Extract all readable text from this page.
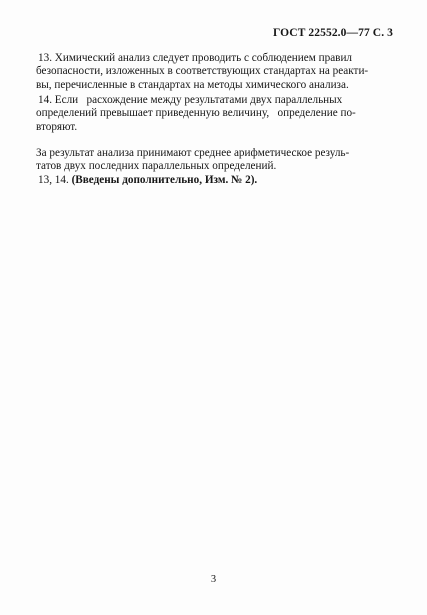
ГОСТ 22552.0—77 С. 3
13. Химический анализ следует проводить с соблюдением правил
безопасности, изложенных в соответствующих стандартах на реакти-
вы, перечисленные в стандартах на методы химического анализа.
14. Если   расхождение между результатами двух параллельных
определений превышает приведенную величину,   определение по-
вторяют.
За результат анализа принимают среднее арифметическое резуль-
татов двух последних параллельных определений.
13, 14. (Введены дополнительно, Изм. № 2).
3
